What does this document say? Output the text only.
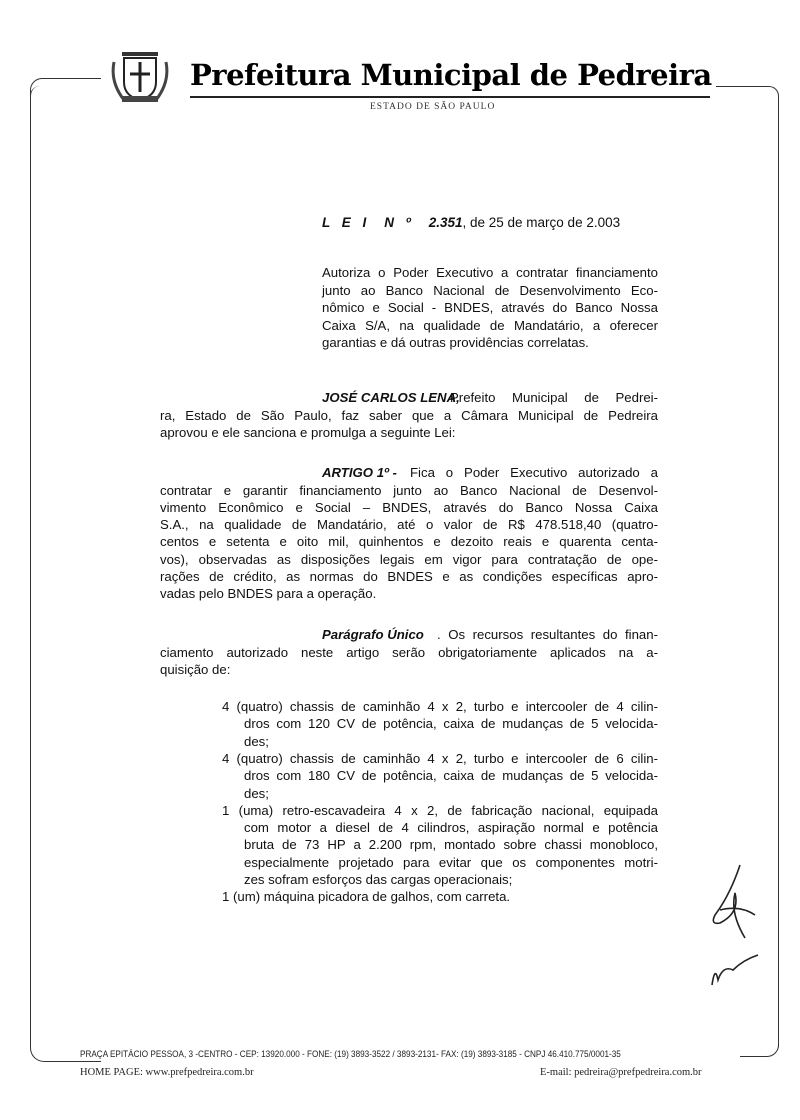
Prefeitura Municipal de Pedreira
ESTADO DE SÃO PAULO
L E I N º 2.351, de 25 de março de 2.003
PRAÇA EPITÁCIO PESSOA, 3 -CENTRO - CEP: 13920.000 - FONE: (19) 3893-3522 / 3893-2131- FAX: (19) 3893-3185 - CNPJ 46.410.775/0001-35
HOME PAGE: www.prefpedreira.com.br	E-mail: pedreira@prefpedreira.com.br
Autoriza o Poder Executivo a contratar financiamento
junto ao Banco Nacional de Desenvolvimento Eco-
nômico e Social - BNDES, através do Banco Nossa
Caixa S/A, na qualidade de Mandatário, a oferecer
garantias e dá outras providências correlatas.
JOSÉ CARLOS LENA,
Prefeito Municipal de Pedrei-
ra, Estado de São Paulo, faz saber que a Câmara Municipal de Pedreira
aprovou e ele sanciona e promulga a seguinte Lei:
ARTIGO 1º - Fica o Poder Executivo autorizado a
contratar e garantir financiamento junto ao Banco Nacional de Desenvol-
vimento Econômico e Social – BNDES, através do Banco Nossa Caixa
S.A., na qualidade de Mandatário, até o valor de R$ 478.518,40 (quatro-
centos e setenta e oito mil, quinhentos e dezoito reais e quarenta centa-
vos), observadas as disposições legais em vigor para contratação de ope-
rações de crédito, as normas do BNDES e as condições específicas apro-
vadas pelo BNDES para a operação.
Parágrafo Único . Os recursos resultantes do finan-
ciamento autorizado neste artigo serão obrigatoriamente aplicados na a-
quisição de:
4 (quatro) chassis de caminhão 4 x 2, turbo e intercooler de 4 cilin-
dros com 120 CV de potência, caixa de mudanças de 5 velocida-
des;
4 (quatro) chassis de caminhão 4 x 2, turbo e intercooler de 6 cilin-
dros com 180 CV de potência, caixa de mudanças de 5 velocida-
des;
1 (uma) retro-escavadeira 4 x 2, de fabricação nacional, equipada
com motor a diesel de 4 cilindros, aspiração normal e potência
bruta de 73 HP a 2.200 rpm, montado sobre chassi monobloco,
especialmente projetado para evitar que os componentes motri-
zes sofram esforços das cargas operacionais;
1 (um) máquina picadora de galhos, com carreta.
